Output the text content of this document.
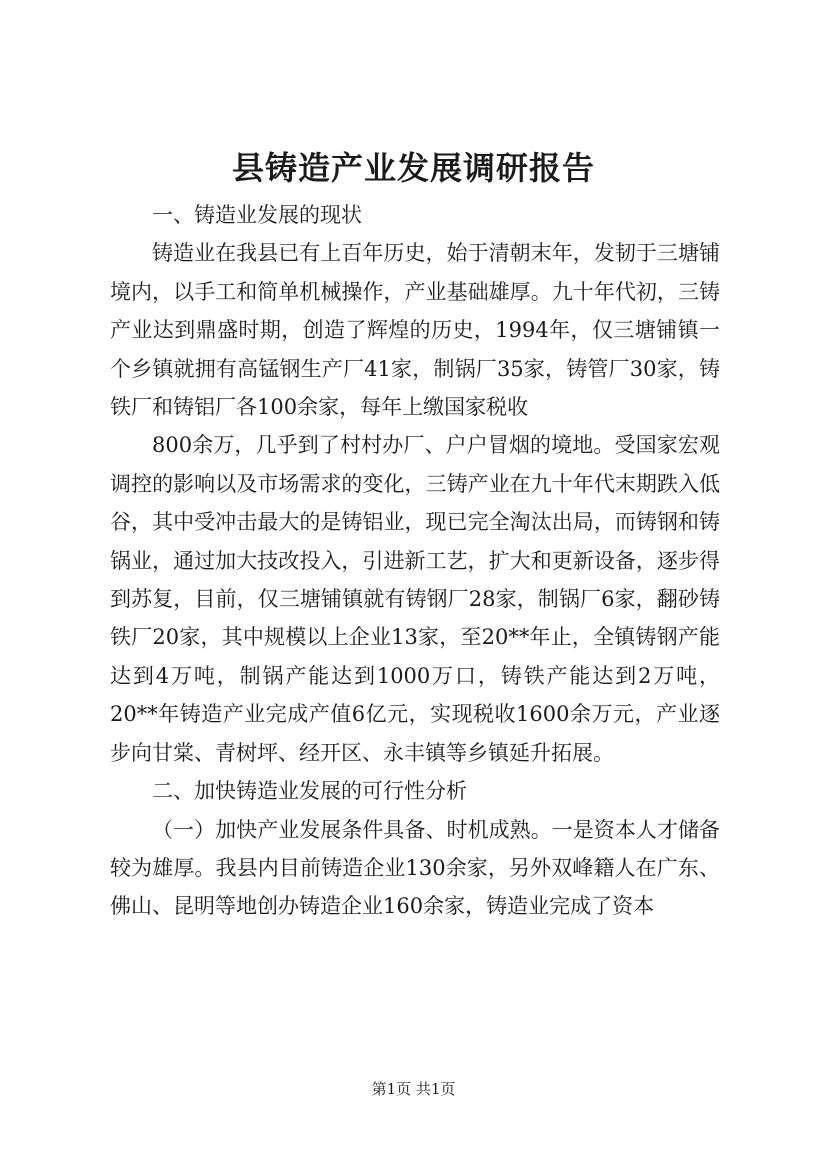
县铸造产业发展调研报告

一、铸造业发展的现状

铸造业在我县已有上百年历史，始于清朝末年，发韧于三塘铺境内，以手工和简单机械操作，产业基础雄厚。九十年代初，三铸产业达到鼎盛时期，创造了辉煌的历史，1994年，仅三塘铺镇一个乡镇就拥有高锰钢生产厂41家，制锅厂35家，铸管厂30家，铸铁厂和铸铝厂各100余家，每年上缴国家税收

800余万，几乎到了村村办厂、户户冒烟的境地。受国家宏观调控的影响以及市场需求的变化，三铸产业在九十年代末期跌入低谷，其中受冲击最大的是铸铝业，现已完全淘汰出局，而铸钢和铸锅业，通过加大技改投入，引进新工艺，扩大和更新设备，逐步得到苏复，目前，仅三塘铺镇就有铸钢厂28家，制锅厂6家，翻砂铸铁厂20家，其中规模以上企业13家，至20**年止，全镇铸钢产能达到4万吨，制锅产能达到1000万口，铸铁产能达到2万吨，20**年铸造产业完成产值6亿元，实现税收1600余万元，产业逐步向甘棠、青树坪、经开区、永丰镇等乡镇延升拓展。

二、加快铸造业发展的可行性分析

（一）加快产业发展条件具备、时机成熟。一是资本人才储备较为雄厚。我县内目前铸造企业130余家，另外双峰籍人在广东、佛山、昆明等地创办铸造企业160余家，铸造业完成了资本

第1页 共1页
